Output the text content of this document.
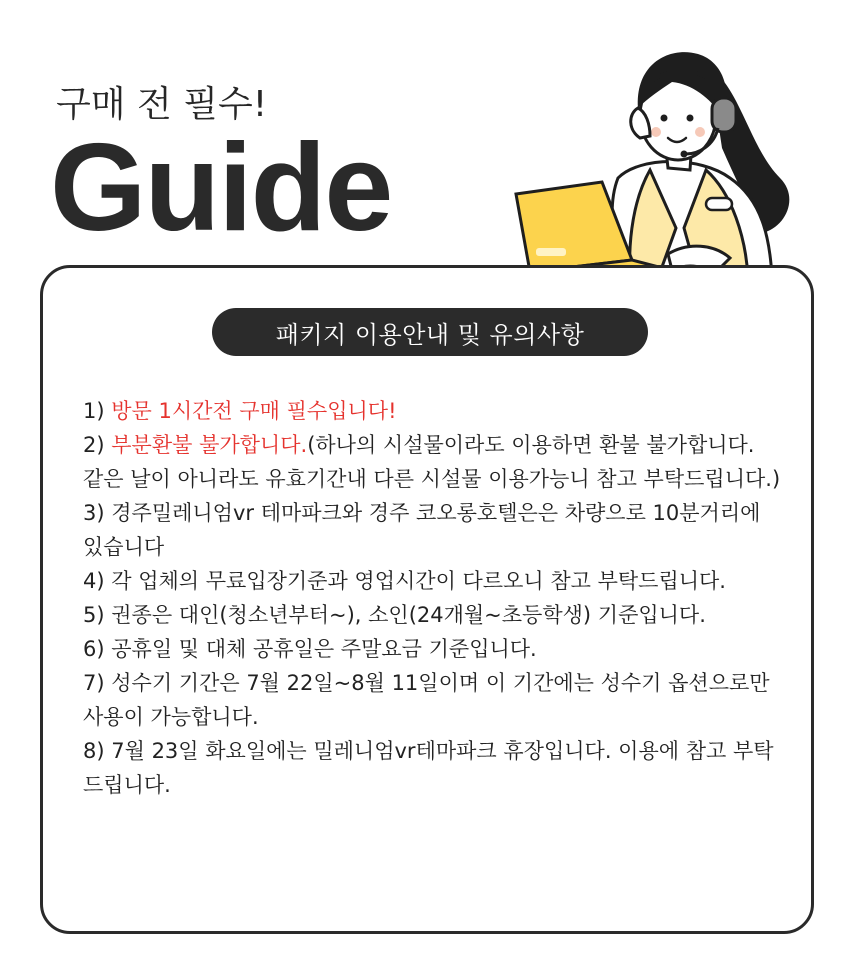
구매 전 필수!
Guide
패키지 이용안내 및 유의사항

1) 방문 1시간전 구매 필수입니다!

2) 부분환불 불가합니다.(하나의 시설물이라도 이용하면 환불 불가합니다. 같은 날이 아니라도 유효기간내 다른 시설물 이용가능니 참고 부탁드립니다.)

3) 경주밀레니엄vr 테마파크와 경주 코오롱호텔은은 차량으로 10분거리에 있습니다

4) 각 업체의 무료입장기준과 영업시간이 다르오니 참고 부탁드립니다.

5) 권종은 대인(청소년부터~), 소인(24개월~초등학생) 기준입니다.

6) 공휴일 및 대체 공휴일은 주말요금 기준입니다.

7) 성수기 기간은 7월 22일~8월 11일이며 이 기간에는 성수기 옵션으로만 사용이 가능합니다.

8) 7월 23일 화요일에는 밀레니엄vr테마파크 휴장입니다. 이용에 참고 부탁 드립니다.
